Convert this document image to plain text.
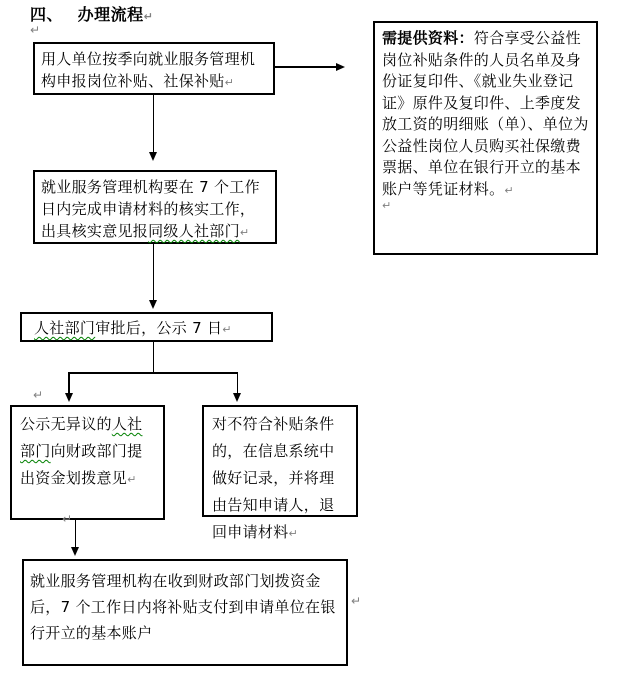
四、　 办理流程↵
↵
用人单位按季向就业服务管理机构申报岗位补贴、社保补贴↵
需提供资料：符合享受公益性岗位补贴条件的人员名单及身份证复印件、《就业失业登记证》原件及复印件、上季度发放工资的明细账（单）、单位为公益性岗位人员购买社保缴费票据、单位在银行开立的基本账户等凭证材料。↵
↵
就业服务管理机构要在 7 个工作日内完成申请材料的核实工作，出具核实意见报同级人社部门↵
人社部门审批后，公示 7 日↵
公示无异议的人社部门向财政部门提出资金划拨意见↵
对不符合补贴条件的，在信息系统中做好记录，并将理由告知申请人，退回申请材料↵
就业服务管理机构在收到财政部门划拨资金后，7 个工作日内将补贴支付到申请单位在银行开立的基本账户
↵
↵
↵
